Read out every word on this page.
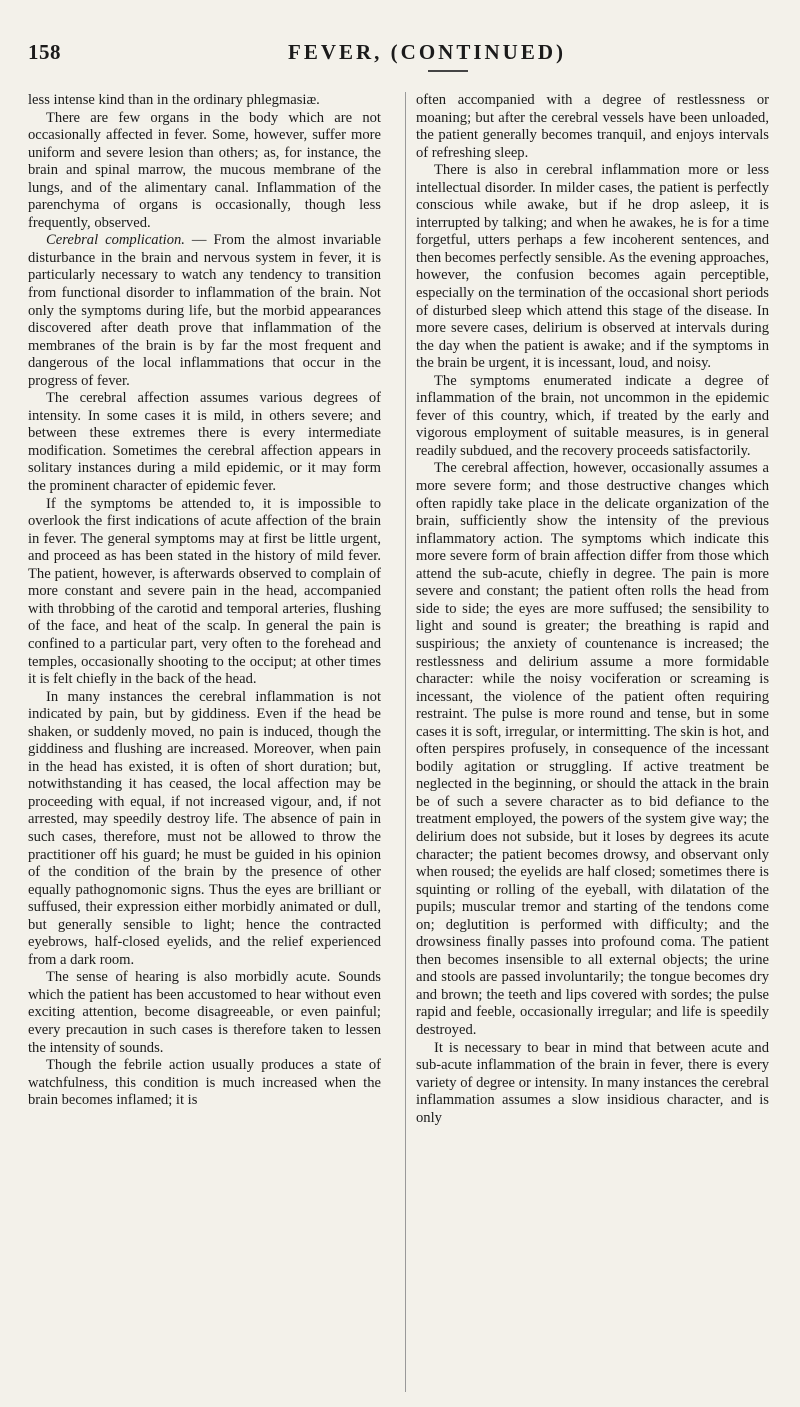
158	FEVER, (CONTINUED)

less intense kind than in the ordinary phlegmasiæ.

There are few organs in the body which are not occasionally affected in fever. Some, however, suffer more uniform and severe lesion than others; as, for instance, the brain and spinal marrow, the mucous membrane of the lungs, and of the alimentary canal. Inflammation of the parenchyma of organs is occasionally, though less frequently, observed.

Cerebral complication. — From the almost invariable disturbance in the brain and nervous system in fever, it is particularly necessary to watch any tendency to transition from functional disorder to inflammation of the brain. Not only the symptoms during life, but the morbid appearances discovered after death prove that inflammation of the membranes of the brain is by far the most frequent and dangerous of the local inflammations that occur in the progress of fever.

The cerebral affection assumes various degrees of intensity. In some cases it is mild, in others severe; and between these extremes there is every intermediate modification. Sometimes the cerebral affection appears in solitary instances during a mild epidemic, or it may form the prominent character of epidemic fever.

If the symptoms be attended to, it is impossible to overlook the first indications of acute affection of the brain in fever. The general symptoms may at first be little urgent, and proceed as has been stated in the history of mild fever. The patient, however, is afterwards observed to complain of more constant and severe pain in the head, accompanied with throbbing of the carotid and temporal arteries, flushing of the face, and heat of the scalp. In general the pain is confined to a particular part, very often to the forehead and temples, occasionally shooting to the occiput; at other times it is felt chiefly in the back of the head.

In many instances the cerebral inflammation is not indicated by pain, but by giddiness. Even if the head be shaken, or suddenly moved, no pain is induced, though the giddiness and flushing are increased. Moreover, when pain in the head has existed, it is often of short duration; but, notwithstanding it has ceased, the local affection may be proceeding with equal, if not increased vigour, and, if not arrested, may speedily destroy life. The absence of pain in such cases, therefore, must not be allowed to throw the practitioner off his guard; he must be guided in his opinion of the condition of the brain by the presence of other equally pathognomonic signs. Thus the eyes are brilliant or suffused, their expression either morbidly animated or dull, but generally sensible to light; hence the contracted eyebrows, half-closed eyelids, and the relief experienced from a dark room.

The sense of hearing is also morbidly acute. Sounds which the patient has been accustomed to hear without even exciting attention, become disagreeable, or even painful; every precaution in such cases is therefore taken to lessen the intensity of sounds.

Though the febrile action usually produces a state of watchfulness, this condition is much increased when the brain becomes inflamed; it is

often accompanied with a degree of restlessness or moaning; but after the cerebral vessels have been unloaded, the patient generally becomes tranquil, and enjoys intervals of refreshing sleep.

There is also in cerebral inflammation more or less intellectual disorder. In milder cases, the patient is perfectly conscious while awake, but if he drop asleep, it is interrupted by talking; and when he awakes, he is for a time forgetful, utters perhaps a few incoherent sentences, and then becomes perfectly sensible. As the evening approaches, however, the confusion becomes again perceptible, especially on the termination of the occasional short periods of disturbed sleep which attend this stage of the disease. In more severe cases, delirium is observed at intervals during the day when the patient is awake; and if the symptoms in the brain be urgent, it is incessant, loud, and noisy.

The symptoms enumerated indicate a degree of inflammation of the brain, not uncommon in the epidemic fever of this country, which, if treated by the early and vigorous employment of suitable measures, is in general readily subdued, and the recovery proceeds satisfactorily.

The cerebral affection, however, occasionally assumes a more severe form; and those destructive changes which often rapidly take place in the delicate organization of the brain, sufficiently show the intensity of the previous inflammatory action. The symptoms which indicate this more severe form of brain affection differ from those which attend the sub-acute, chiefly in degree. The pain is more severe and constant; the patient often rolls the head from side to side; the eyes are more suffused; the sensibility to light and sound is greater; the breathing is rapid and suspirious; the anxiety of countenance is increased; the restlessness and delirium assume a more formidable character: while the noisy vociferation or screaming is incessant, the violence of the patient often requiring restraint. The pulse is more round and tense, but in some cases it is soft, irregular, or intermitting. The skin is hot, and often perspires profusely, in consequence of the incessant bodily agitation or struggling. If active treatment be neglected in the beginning, or should the attack in the brain be of such a severe character as to bid defiance to the treatment employed, the powers of the system give way; the delirium does not subside, but it loses by degrees its acute character; the patient becomes drowsy, and observant only when roused; the eyelids are half closed; sometimes there is squinting or rolling of the eyeball, with dilatation of the pupils; muscular tremor and starting of the tendons come on; deglutition is performed with difficulty; and the drowsiness finally passes into profound coma. The patient then becomes insensible to all external objects; the urine and stools are passed involuntarily; the tongue becomes dry and brown; the teeth and lips covered with sordes; the pulse rapid and feeble, occasionally irregular; and life is speedily destroyed.

It is necessary to bear in mind that between acute and sub-acute inflammation of the brain in fever, there is every variety of degree or intensity. In many instances the cerebral inflammation assumes a slow insidious character, and is only
